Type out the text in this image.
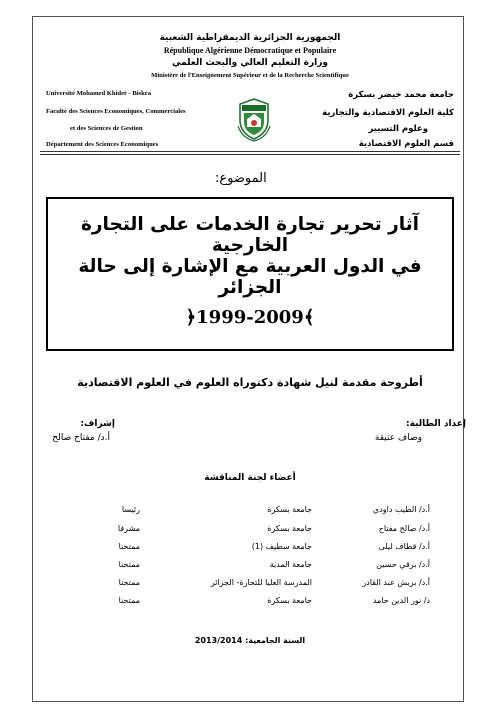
الجمهورية الجزائرية الديمقراطية الشعبية
République Algérienne Démocratique et Populaire
وزارة التعليم العالي والبحث العلمي
Ministère de l'Enseignement Supérieur et de la Recherche Scientifique
Université Mohamed Khider - Biskra
Faculté des Sciences Economiques, Commerciales
et des Sciences de Gestion
Département des Sciences Economiques
جامعة محمد خيضر بسكرة
كلية العلوم الاقتصادية والتجارية
وعلوم التسيير
قسم العلوم الاقتصادية
الموضوع:
آثار تحرير تجارة الخدمات على التجارة الخارجية
في الدول العربية مع الإشارة إلى حالة الجزائر
﴿1999-2009﴾
أطروحة مقدمة لنيل شهادة دكتوراه العلوم في العلوم الاقتصادية
إعداد الطالبة:
وصاف عتيقة
إشراف:
أ.د/ مفتاح صالح
أعضاء لجنة المناقشة
أ.د/ الطيب داودي
جامعة بسكرة
رئيسا
أ.د/ صالح مفتاح
جامعة بسكرة
مشرفا
أ.د/ قطاف ليلى
جامعة سطيف (1)
ممتحنا
أ.د/ برقي حسين
جامعة المدية
ممتحنا
أ.د/ بريش عبد القادر
المدرسة العليا للتجارة- الجزائر
ممتحنا
د/ نور الدين حامد
جامعة بسكرة
ممتحنا
السنة الجامعية: 2013/2014
